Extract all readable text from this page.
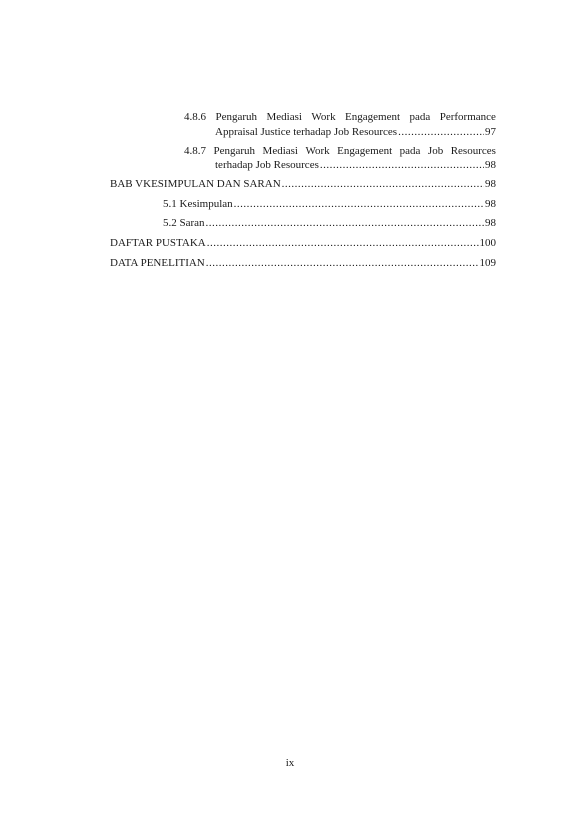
4.8.6 Pengaruh Mediasi Work Engagement pada Performance
Appraisal Justice terhadap Job Resources .....	97
4.8.7 Pengaruh Mediasi Work Engagement pada Job Resources
terhadap Job Resources .....	98
BAB V KESIMPULAN DAN SARAN .....	98
5.1 Kesimpulan .....	98
5.2 Saran .....	98
DAFTAR PUSTAKA .....	100
DATA PENELITIAN .....	109
ix
